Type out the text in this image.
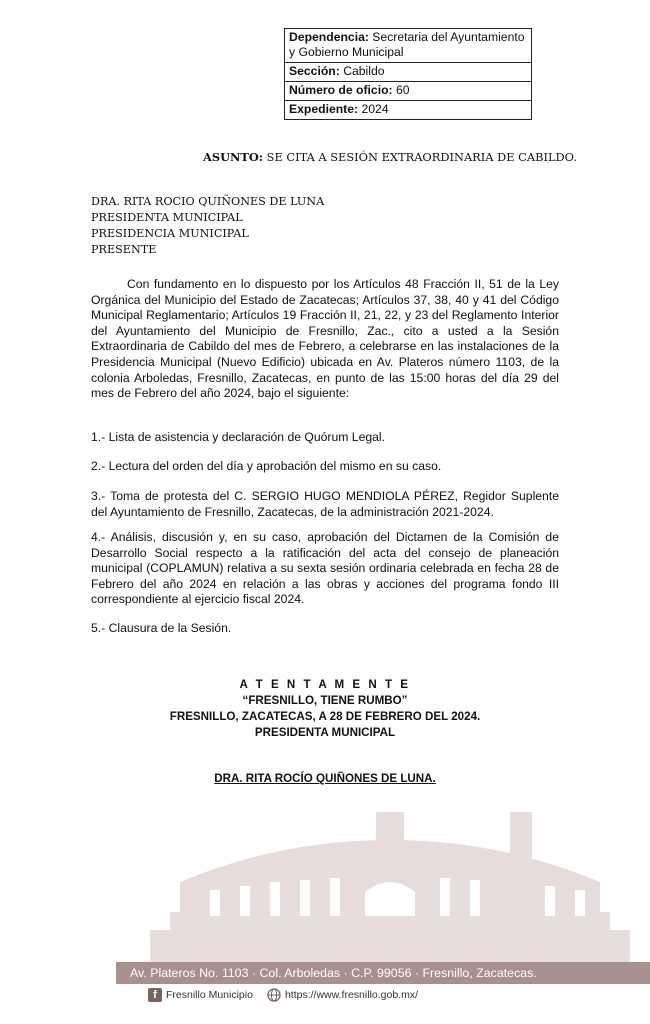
Dependencia: Secretaria del Ayuntamiento y Gobierno Municipal
Sección: Cabildo
Número de oficio: 60
Expediente: 2024
ASUNTO: SE CITA A SESIÓN EXTRAORDINARIA DE CABILDO.
DRA. RITA ROCIO QUIÑONES DE LUNA
PRESIDENTA MUNICIPAL
PRESIDENCIA MUNICIPAL
PRESENTE
Con fundamento en lo dispuesto por los Artículos 48 Fracción II, 51 de la Ley Orgánica del Municipio del Estado de Zacatecas; Artículos 37, 38, 40 y 41 del Código Municipal Reglamentario; Artículos 19 Fracción II, 21, 22, y 23 del Reglamento Interior del Ayuntamiento del Municipio de Fresnillo, Zac., cito a usted a la Sesión Extraordinaria de Cabildo del mes de Febrero, a celebrarse en las instalaciones de la Presidencia Municipal (Nuevo Edificio) ubicada en Av. Plateros número 1103, de la colonia Arboledas, Fresnillo, Zacatecas, en punto de las 15:00 horas del día 29 del mes de Febrero del año 2024, bajo el siguiente:
1.- Lista de asistencia y declaración de Quórum Legal.
2.- Lectura del orden del día y aprobación del mismo en su caso.
3.- Toma de protesta del C. SERGIO HUGO MENDIOLA PÉREZ, Regidor Suplente del Ayuntamiento de Fresnillo, Zacatecas, de la administración 2021-2024.
4.- Análisis, discusión y, en su caso, aprobación del Dictamen de la Comisión de Desarrollo Social respecto a la ratificación del acta del consejo de planeación municipal (COPLAMUN) relativa a su sexta sesión ordinaria celebrada en fecha 28 de Febrero del año 2024 en relación a las obras y acciones del programa fondo III correspondiente al ejercicio fiscal 2024.
5.- Clausura de la Sesión.
A T E N T A M E N T E
“FRESNILLO, TIENE RUMBO”
FRESNILLO, ZACATECAS, A 28 DE FEBRERO DEL 2024.
PRESIDENTA MUNICIPAL
DRA. RITA ROCÍO QUIÑONES DE LUNA.
Av. Plateros No. 1103 · Col. Arboledas · C.P. 99056 · Fresnillo, Zacatecas.
f Fresnillo Municipio	https://www.fresnillo.gob.mx/
